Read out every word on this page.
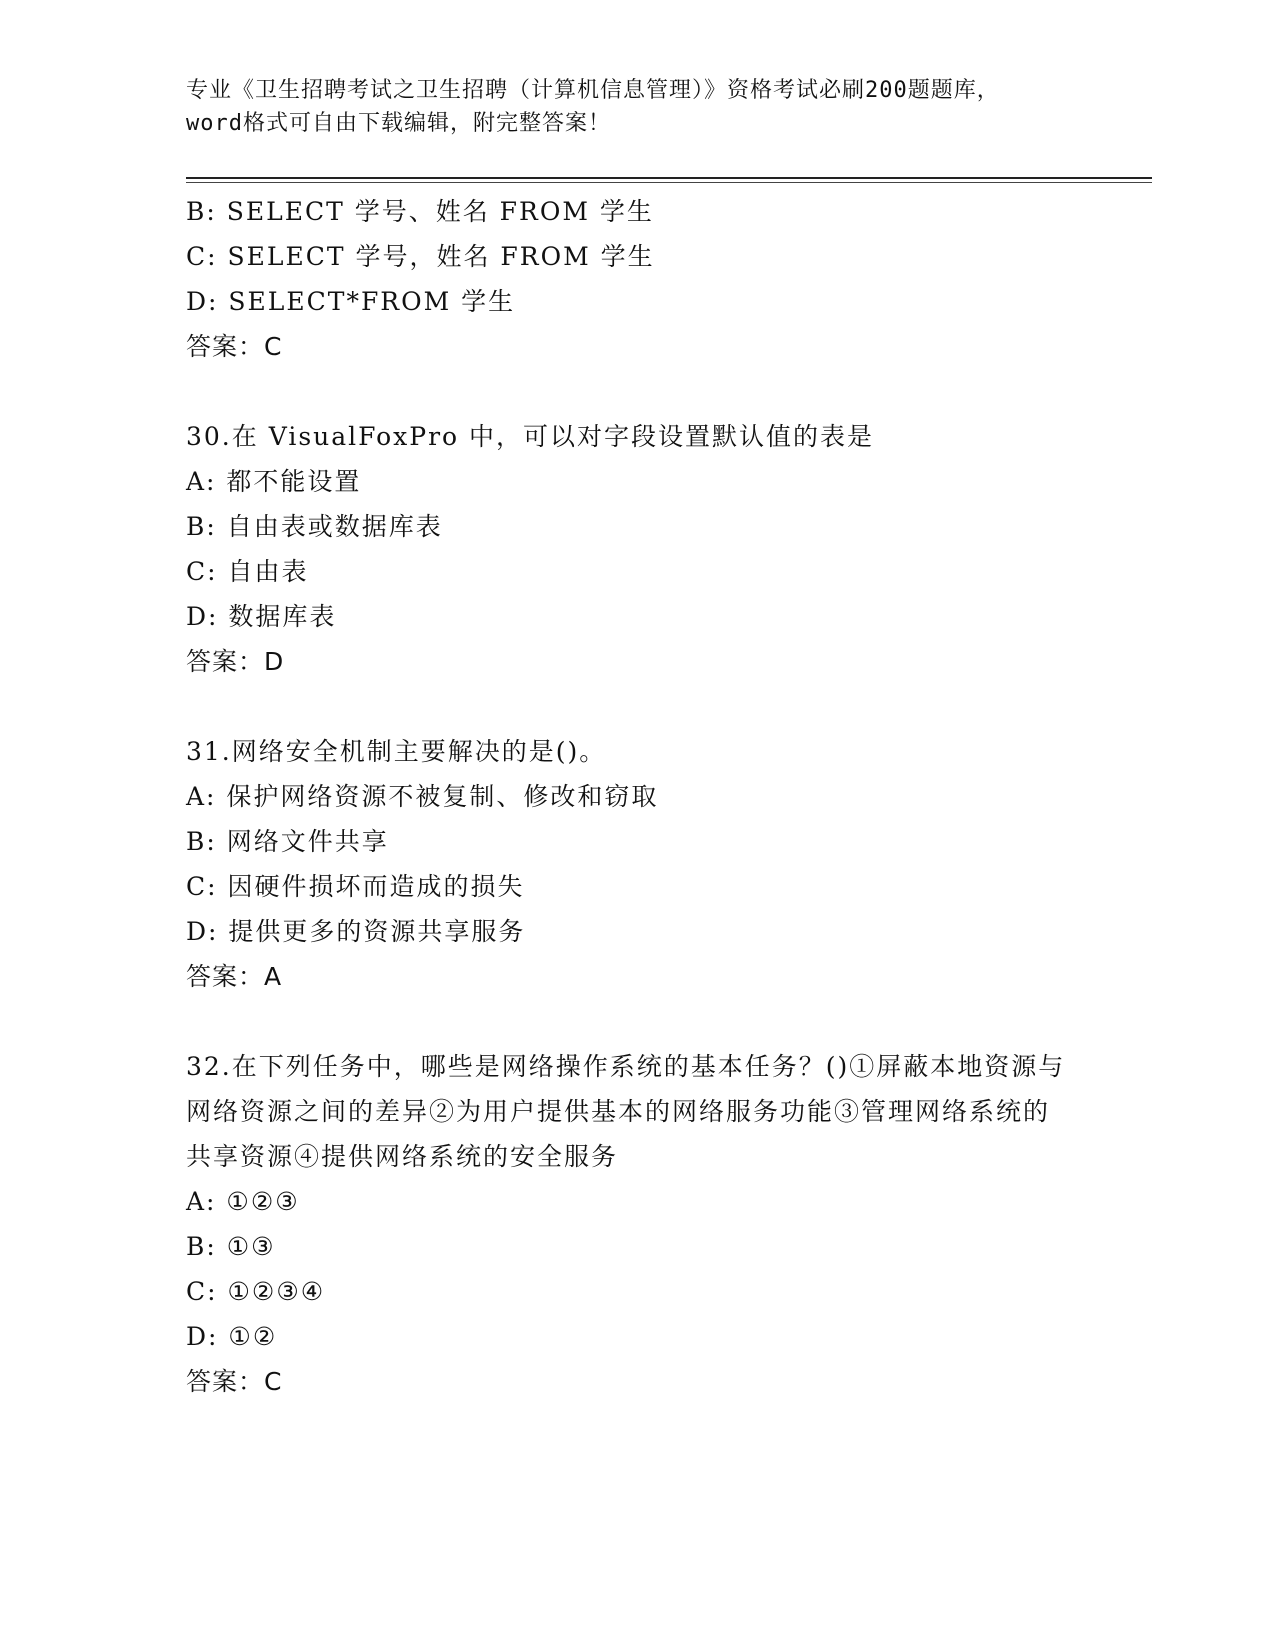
专业《卫生招聘考试之卫生招聘（计算机信息管理）》资格考试必刷200题题库，
word格式可自由下载编辑，附完整答案！
B: SELECT 学号、姓名 FROM 学生
C: SELECT 学号，姓名 FROM 学生
D: SELECT*FROM 学生
答案：C
30.在 VisualFoxPro 中，可以对字段设置默认值的表是
A: 都不能设置
B: 自由表或数据库表
C: 自由表
D: 数据库表
答案：D
31.网络安全机制主要解决的是()。
A: 保护网络资源不被复制、修改和窃取
B: 网络文件共享
C: 因硬件损坏而造成的损失
D: 提供更多的资源共享服务
答案：A
32.在下列任务中，哪些是网络操作系统的基本任务？()①屏蔽本地资源与网络资源之间的差异②为用户提供基本的网络服务功能③管理网络系统的共享资源④提供网络系统的安全服务
A: ①②③
B: ①③
C: ①②③④
D: ①②
答案：C
